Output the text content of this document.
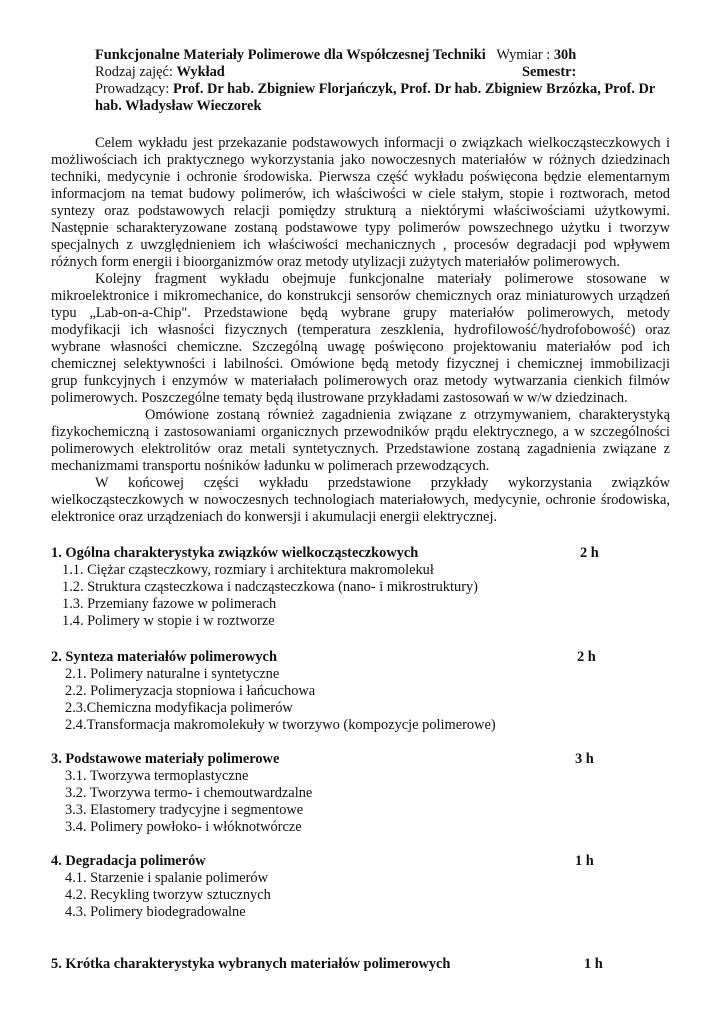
Funkcjonalne Materiały Polimerowe dla Współczesnej Techniki Wymiar : 30h
Rodzaj zajęć: Wykład	Semestr:
Prowadzący: Prof. Dr hab. Zbigniew Florjańczyk, Prof. Dr hab. Zbigniew Brzózka, Prof. Dr
hab. Władysław Wieczorek
Celem wykładu jest przekazanie podstawowych informacji o związkach wielkocząsteczkowych i
możliwościach ich praktycznego wykorzystania jako nowoczesnych materiałów w różnych dziedzinach
techniki, medycynie i ochronie środowiska. Pierwsza część wykładu poświęcona będzie elementarnym
informacjom na temat budowy polimerów, ich właściwości w ciele stałym, stopie i roztworach, metod
syntezy oraz podstawowych relacji pomiędzy strukturą a niektórymi właściwościami użytkowymi.
Następnie scharakteryzowane zostaną podstawowe typy polimerów powszechnego użytku i tworzyw
specjalnych z uwzględnieniem ich właściwości mechanicznych , procesów degradacji pod wpływem
różnych form energii i bioorganizmów oraz metody utylizacji zużytych materiałów polimerowych.
Kolejny fragment wykładu obejmuje funkcjonalne materiały polimerowe stosowane w
mikroelektronice i mikromechanice, do konstrukcji sensorów chemicznych oraz miniaturowych urządzeń
typu „Lab-on-a-Chip". Przedstawione będą wybrane grupy materiałów polimerowych, metody
modyfikacji ich własności fizycznych (temperatura zeszklenia, hydrofilowość/hydrofobowość) oraz
wybrane własności chemiczne. Szczególną uwagę poświęcono projektowaniu materiałów pod ich
chemicznej selektywności i labilności. Omówione będą metody fizycznej i chemicznej immobilizacji
grup funkcyjnych i enzymów w materiałach polimerowych oraz metody wytwarzania cienkich filmów
polimerowych. Poszczególne tematy będą ilustrowane przykładami zastosowań w w/w dziedzinach.
Omówione zostaną również zagadnienia związane z otrzymywaniem, charakterystyką
fizykochemiczną i zastosowaniami organicznych przewodników prądu elektrycznego, a w szczególności
polimerowych elektrolitów oraz metali syntetycznych. Przedstawione zostaną zagadnienia związane z
mechanizmami transportu nośników ładunku w polimerach przewodzących.
W końcowej części wykładu przedstawione przykłady wykorzystania związków
wielkocząsteczkowych w nowoczesnych technologiach materiałowych, medycynie, ochronie środowiska,
elektronice oraz urządzeniach do konwersji i akumulacji energii elektrycznej.
1. Ogólna charakterystyka związków wielkocząsteczkowych	2 h
1.1. Ciężar cząsteczkowy, rozmiary i architektura makromolekuł
1.2. Struktura cząsteczkowa i nadcząsteczkowa (nano- i mikrostruktury)
1.3. Przemiany fazowe w polimerach
1.4. Polimery w stopie i w roztworze
2. Synteza materiałów polimerowych	2 h
2.1. Polimery naturalne i syntetyczne
2.2. Polimeryzacja stopniowa i łańcuchowa
2.3.Chemiczna modyfikacja polimerów
2.4.Transformacja makromolekuły w tworzywo (kompozycje polimerowe)
3. Podstawowe materiały polimerowe	3 h
3.1. Tworzywa termoplastyczne
3.2. Tworzywa termo- i chemoutwardzalne
3.3. Elastomery tradycyjne i segmentowe
3.4. Polimery powłoko- i włóknotwórcze
4. Degradacja polimerów	1 h
4.1. Starzenie i spalanie polimerów
4.2. Recykling tworzyw sztucznych
4.3. Polimery biodegradowalne
5. Krótka charakterystyka wybranych materiałów polimerowych	1 h
